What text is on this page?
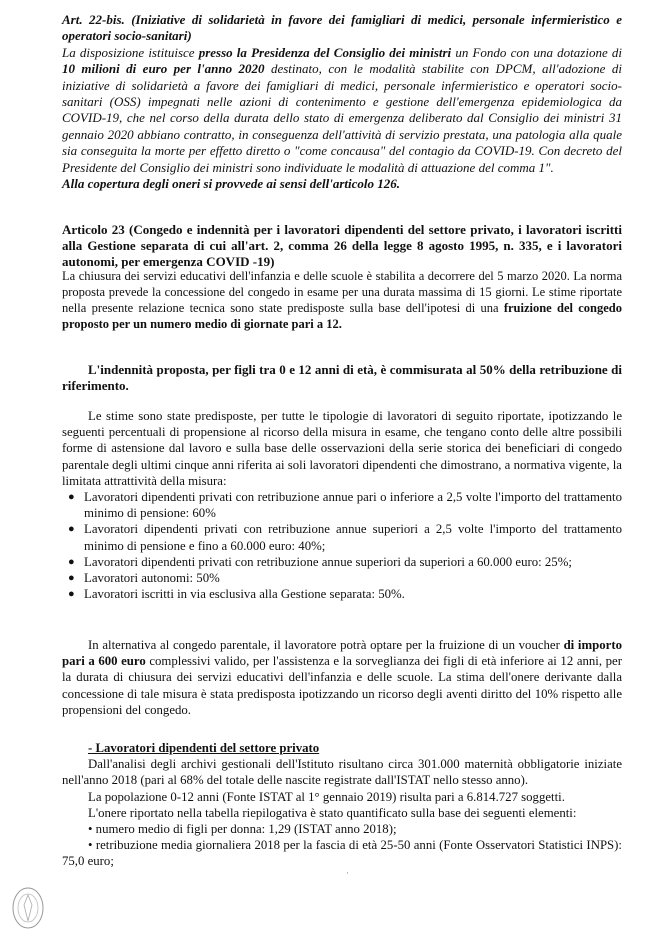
Art. 22-bis. (Iniziative di solidarietà in favore dei famigliari di medici, personale infermieristico e operatori socio-sanitari)

La disposizione istituisce presso la Presidenza del Consiglio dei ministri un Fondo con una dotazione di 10 milioni di euro per l'anno 2020 destinato, con le modalità stabilite con DPCM, all'adozione di iniziative di solidarietà a favore dei famigliari di medici, personale infermieristico e operatori socio-sanitari (OSS) impegnati nelle azioni di contenimento e gestione dell'emergenza epidemiologica da COVID-19, che nel corso della durata dello stato di emergenza deliberato dal Consiglio dei ministri 31 gennaio 2020 abbiano contratto, in conseguenza dell'attività di servizio prestata, una patologia alla quale sia conseguita la morte per effetto diretto o "come concausa" del contagio da COVID-19. Con decreto del Presidente del Consiglio dei ministri sono individuate le modalità di attuazione del comma 1".

Alla copertura degli oneri si provvede ai sensi dell'articolo 126.

Articolo 23 (Congedo e indennità per i lavoratori dipendenti del settore privato, i lavoratori iscritti alla Gestione separata di cui all'art. 2, comma 26 della legge 8 agosto 1995, n. 335, e i lavoratori autonomi, per emergenza COVID -19)

La chiusura dei servizi educativi dell'infanzia e delle scuole è stabilita a decorrere del 5 marzo 2020. La norma proposta prevede la concessione del congedo in esame per una durata massima di 15 giorni. Le stime riportate nella presente relazione tecnica sono state predisposte sulla base dell'ipotesi di una fruizione del congedo proposto per un numero medio di giornate pari a 12.

L'indennità proposta, per figli tra 0 e 12 anni di età, è commisurata al 50% della retribuzione di riferimento.

Le stime sono state predisposte, per tutte le tipologie di lavoratori di seguito riportate, ipotizzando le seguenti percentuali di propensione al ricorso della misura in esame, che tengano conto delle altre possibili forme di astensione dal lavoro e sulla base delle osservazioni della serie storica dei beneficiari di congedo parentale degli ultimi cinque anni riferita ai soli lavoratori dipendenti che dimostrano, a normativa vigente, la limitata attrattività della misura:

● Lavoratori dipendenti privati con retribuzione annue pari o inferiore a 2,5 volte l'importo del trattamento minimo di pensione: 60%
● Lavoratori dipendenti privati con retribuzione annue superiori a 2,5 volte l'importo del trattamento minimo di pensione e fino a 60.000 euro: 40%;
● Lavoratori dipendenti privati con retribuzione annue superiori da superiori a 60.000 euro: 25%;
● Lavoratori autonomi: 50%
● Lavoratori iscritti in via esclusiva alla Gestione separata: 50%.

In alternativa al congedo parentale, il lavoratore potrà optare per la fruizione di un voucher di importo pari a 600 euro complessivi valido, per l'assistenza e la sorveglianza dei figli di età inferiore ai 12 anni, per la durata di chiusura dei servizi educativi dell'infanzia e delle scuole. La stima dell'onere derivante dalla concessione di tale misura è stata predisposta ipotizzando un ricorso degli aventi diritto del 10% rispetto alle propensioni del congedo.

- Lavoratori dipendenti del settore privato

Dall'analisi degli archivi gestionali dell'Istituto risultano circa 301.000 maternità obbligatorie iniziate nell'anno 2018 (pari al 68% del totale delle nascite registrate dall'ISTAT nello stesso anno).

La popolazione 0-12 anni (Fonte ISTAT al 1° gennaio 2019) risulta pari a 6.814.727 soggetti.

L'onere riportato nella tabella riepilogativa è stato quantificato sulla base dei seguenti elementi:

• numero medio di figli per donna: 1,29 (ISTAT anno 2018);

• retribuzione media giornaliera 2018 per la fascia di età 25-50 anni (Fonte Osservatori Statistici INPS): 75,0 euro;

·
